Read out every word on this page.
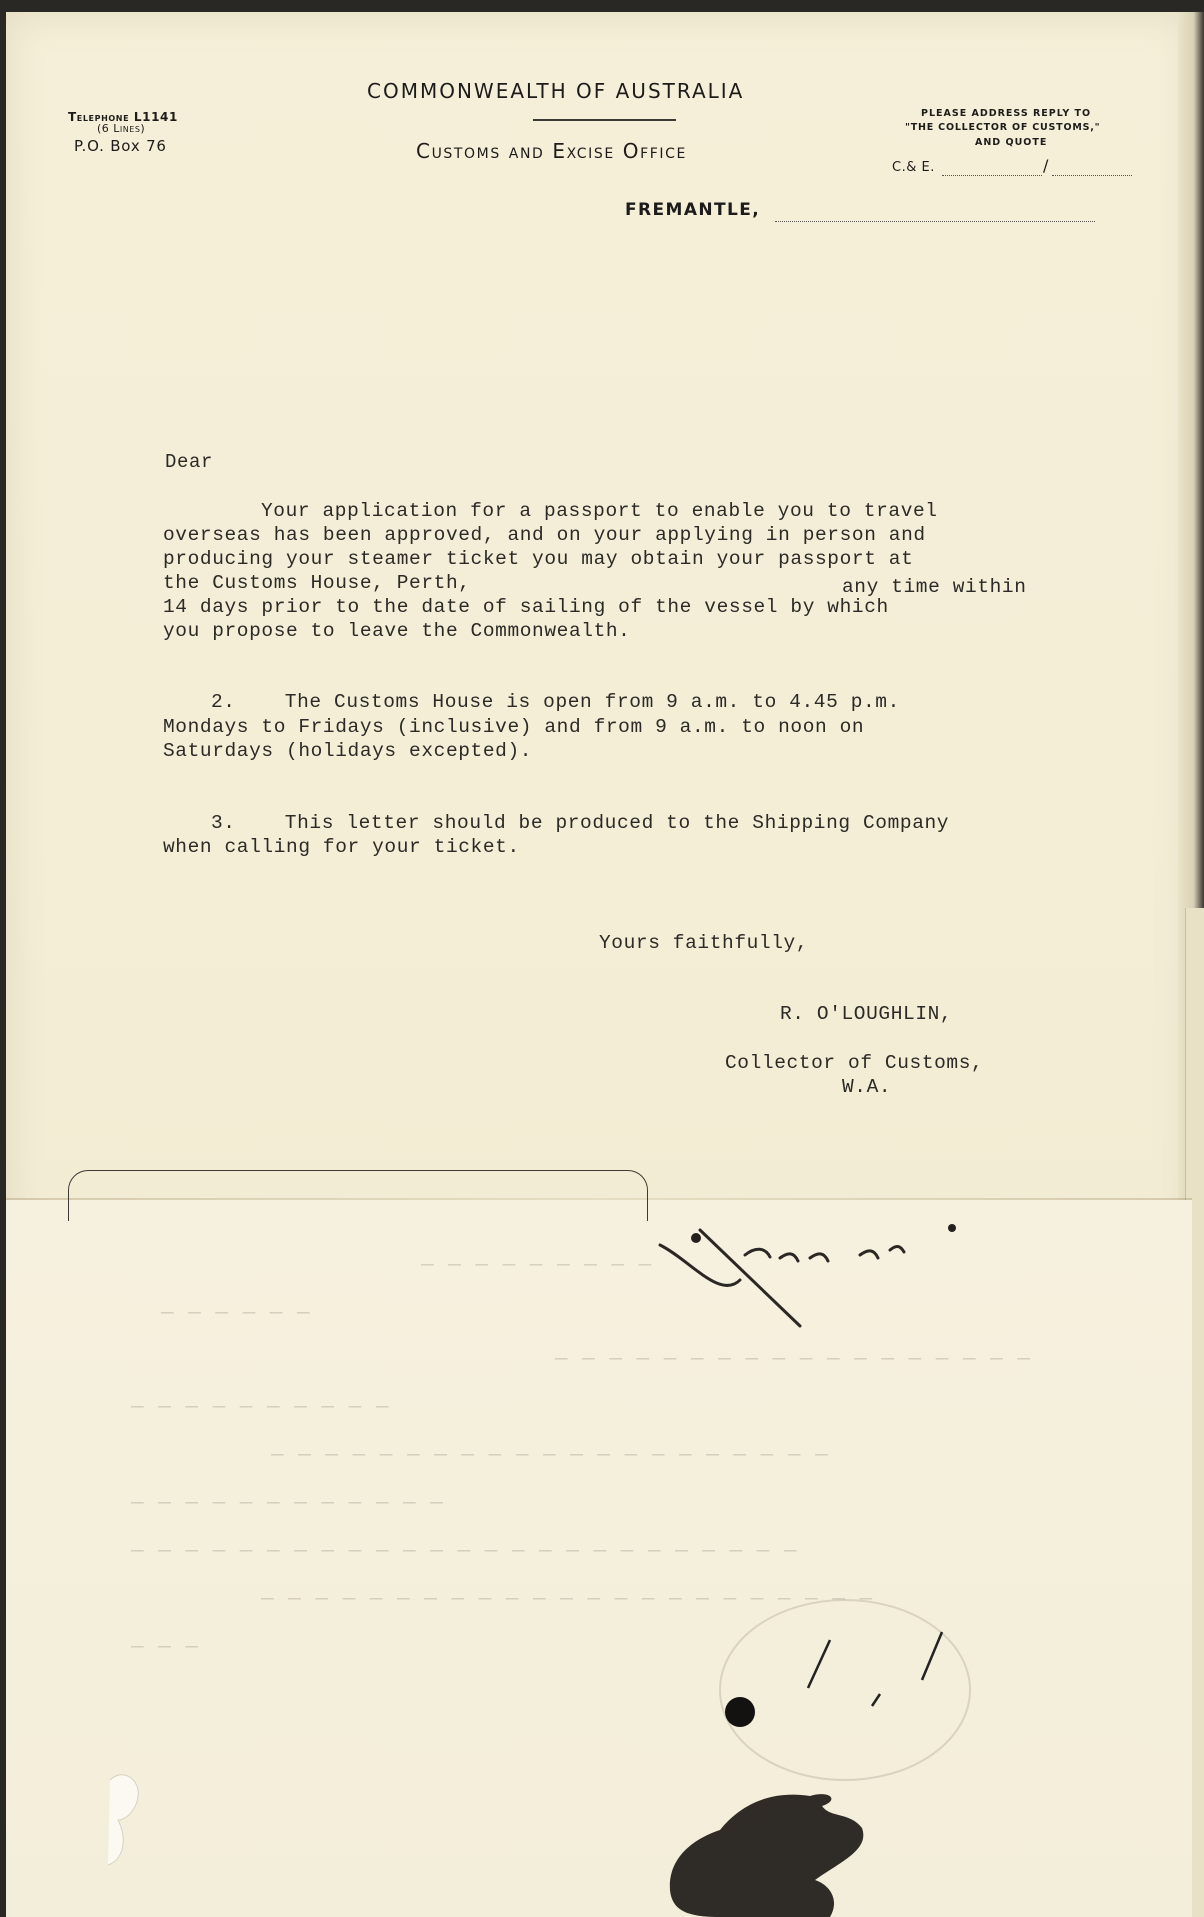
Telephone L1141
(6 Lines)
P.O. Box 76
COMMONWEALTH OF AUSTRALIA
Customs and Excise Office
FREMANTLE,
PLEASE ADDRESS REPLY TO
"THE COLLECTOR OF CUSTOMS,"
AND QUOTE
C.& E.	/
Dear
Your application for a passport to enable you to travel
overseas has been approved, and on your applying in person and
producing your steamer ticket you may obtain your passport at
the Customs House, Perth,	any time within
14 days prior to the date of sailing of the vessel by which
you propose to leave the Commonwealth.
2.    The Customs House is open from 9 a.m. to 4.45 p.m.
Mondays to Fridays (inclusive) and from 9 a.m. to noon on
Saturdays (holidays excepted).
3.    This letter should be produced to the Shipping Company
when calling for your ticket.
Yours faithfully,
R. O'LOUGHLIN,
Collector of Customs,
W.A.
​— — — — — — — — —
— — — — — —
— — — — — — — — — — — — — — — — — —
— — — — — — — — — —
— — — — — — — — — — — — — — — — — — — — —
— — — — — — — — — — — —
— — — — — — — — — — — — — — — — — — — — — — — — —
— — — — — — — — — — — — — — — — — — — — — — —
— — —
